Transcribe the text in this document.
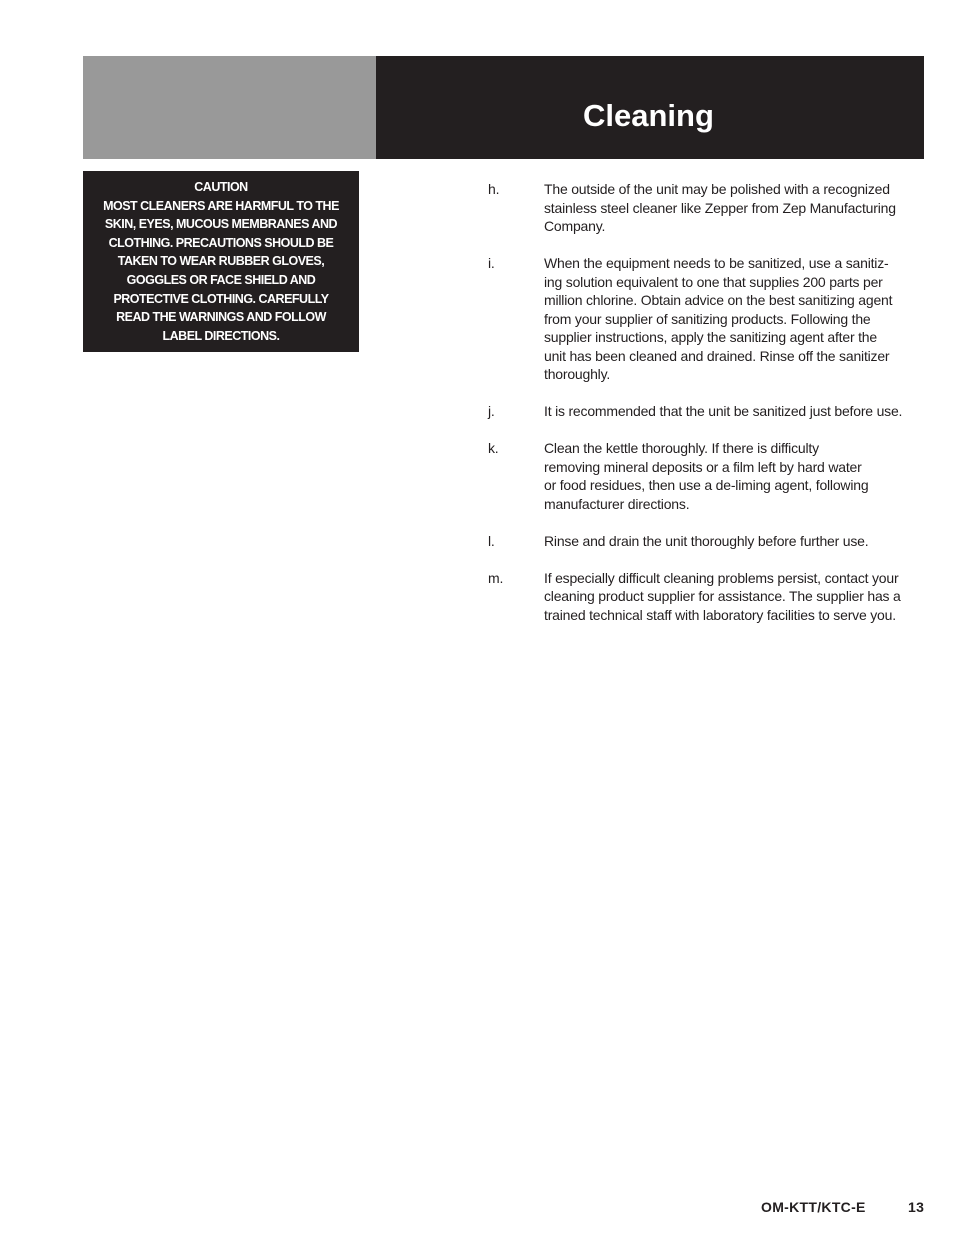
Cleaning
CAUTION
MOST CLEANERS ARE HARMFUL TO THE
SKIN, EYES, MUCOUS MEMBRANES AND
CLOTHING. PRECAUTIONS SHOULD BE
TAKEN TO WEAR RUBBER GLOVES,
GOGGLES OR FACE SHIELD AND
PROTECTIVE CLOTHING. CAREFULLY
READ THE WARNINGS AND FOLLOW
LABEL DIRECTIONS.
h.	The outside of the unit may be polished with a recognized
stainless steel cleaner like Zepper from Zep Manufacturing
Company.
i.	When the equipment needs to be sanitized, use a sanitiz-
ing solution equivalent to one that supplies 200 parts per
million chlorine. Obtain advice on the best sanitizing agent
from your supplier of sanitizing products. Following the
supplier instructions, apply the sanitizing agent after the
unit has been cleaned and drained. Rinse off the sanitizer
thoroughly.
j.	It is recommended that the unit be sanitized just before use.
k.	Clean the kettle thoroughly. If there is difficulty
removing mineral deposits or a film left by hard water
or food residues, then use a de-liming agent, following
manufacturer directions.
l.	Rinse and drain the unit thoroughly before further use.
m.	If especially difficult cleaning problems persist, contact your
cleaning product supplier for assistance. The supplier has a
trained technical staff with laboratory facilities to serve you.
OM-KTT/KTC-E	13
